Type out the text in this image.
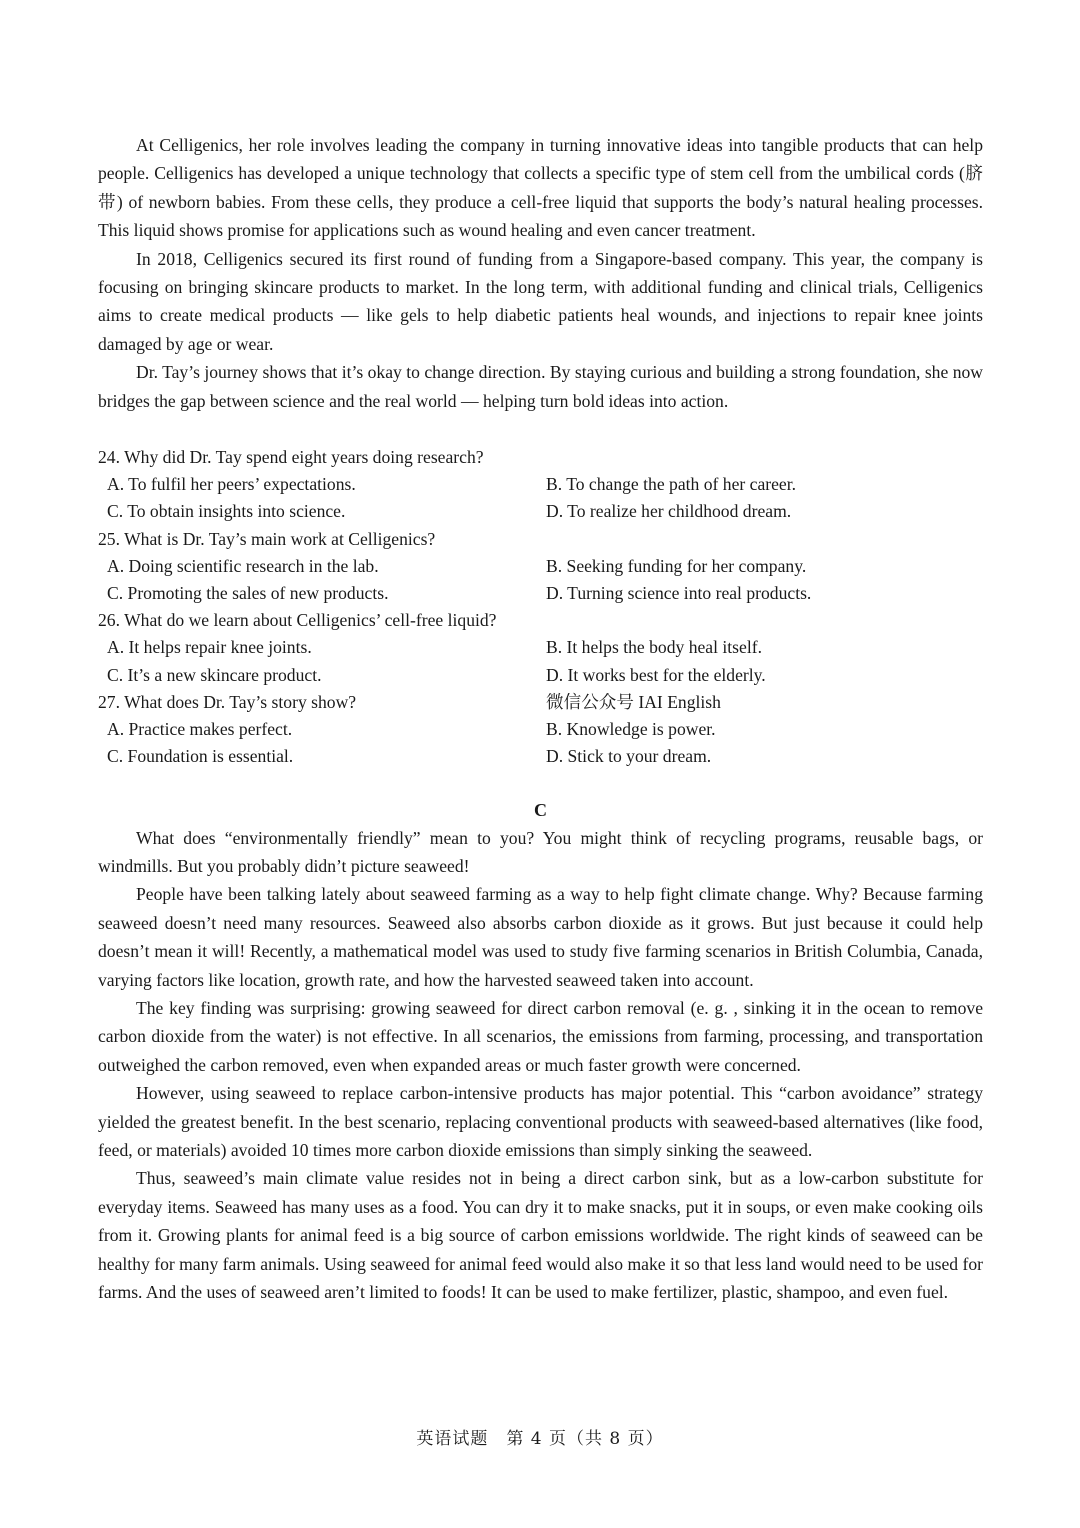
At Celligenics, her role involves leading the company in turning innovative ideas into tangible products that can help people. Celligenics has developed a unique technology that collects a specific type of stem cell from the umbilical cords (脐带) of newborn babies. From these cells, they produce a cell-free liquid that supports the body’s natural healing processes. This liquid shows promise for applications such as wound healing and even cancer treatment.

In 2018, Celligenics secured its first round of funding from a Singapore-based company. This year, the company is focusing on bringing skincare products to market. In the long term, with additional funding and clinical trials, Celligenics aims to create medical products — like gels to help diabetic patients heal wounds, and injections to repair knee joints damaged by age or wear.

Dr. Tay’s journey shows that it’s okay to change direction. By staying curious and building a strong foundation, she now bridges the gap between science and the real world — helping turn bold ideas into action.

24. Why did Dr. Tay spend eight years doing research?

A. To fulfil her peers’ expectations.	B. To change the path of her career.
C. To obtain insights into science.	D. To realize her childhood dream.

25. What is Dr. Tay’s main work at Celligenics?

A. Doing scientific research in the lab.	B. Seeking funding for her company.
C. Promoting the sales of new products.	D. Turning science into real products.

26. What do we learn about Celligenics’ cell-free liquid?

A. It helps repair knee joints.	B. It helps the body heal itself.
C. It’s a new skincare product.	D. It works best for the elderly.
27. What does Dr. Tay’s story show?	微信公众号 IAI English
A. Practice makes perfect.	B. Knowledge is power.
C. Foundation is essential.	D. Stick to your dream.

C

What does “environmentally friendly” mean to you? You might think of recycling programs, reusable bags, or windmills. But you probably didn’t picture seaweed!

People have been talking lately about seaweed farming as a way to help fight climate change. Why? Because farming seaweed doesn’t need many resources. Seaweed also absorbs carbon dioxide as it grows. But just because it could help doesn’t mean it will! Recently, a mathematical model was used to study five farming scenarios in British Columbia, Canada, varying factors like location, growth rate, and how the harvested seaweed taken into account.

The key finding was surprising: growing seaweed for direct carbon removal (e. g. , sinking it in the ocean to remove carbon dioxide from the water) is not effective. In all scenarios, the emissions from farming, processing, and transportation outweighed the carbon removed, even when expanded areas or much faster growth were concerned.

However, using seaweed to replace carbon-intensive products has major potential. This “carbon avoidance” strategy yielded the greatest benefit. In the best scenario, replacing conventional products with seaweed-based alternatives (like food, feed, or materials) avoided 10 times more carbon dioxide emissions than simply sinking the seaweed.

Thus, seaweed’s main climate value resides not in being a direct carbon sink, but as a low-carbon substitute for everyday items. Seaweed has many uses as a food. You can dry it to make snacks, put it in soups, or even make cooking oils from it. Growing plants for animal feed is a big source of carbon emissions worldwide. The right kinds of seaweed can be healthy for many farm animals. Using seaweed for animal feed would also make it so that less land would need to be used for farms. And the uses of seaweed aren’t limited to foods! It can be used to make fertilizer, plastic, shampoo, and even fuel.

英语试题　第 4 页（共 8 页）
